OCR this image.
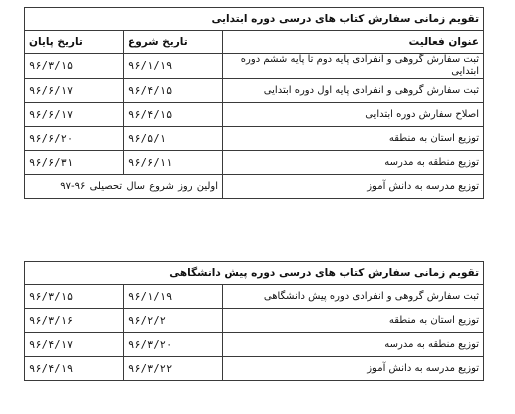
تقویم زمانی سفارش کتاب های درسی دوره ابتدایی		
عنوان فعالیت	تاریخ شروع	تاریخ پایان
ثبت سفارش گروهی و انفرادی پایه دوم تا پایه ششم دوره ابتدایی	۹۶/۱/۱۹	۹۶/۳/۱۵
ثبت سفارش گروهی و انفرادی پایه اول دوره ابتدایی	۹۶/۴/۱۵	۹۶/۶/۱۷
اصلاح سفارش دوره ابتدایی	۹۶/۴/۱۵	۹۶/۶/۱۷
توزیع استان به منطقه	۹۶/۵/۱	۹۶/۶/۲۰
توزیع منطقه به مدرسه	۹۶/۶/۱۱	۹۶/۶/۳۱
توزیع مدرسه به دانش آموز	اولین روز شروع سال تحصیلی ۹۶-۹۷	
تقویم زمانی سفارش کتاب های درسی دوره پیش دانشگاهی		
ثبت سفارش گروهی و انفرادی دوره پیش دانشگاهی	۹۶/۱/۱۹	۹۶/۳/۱۵
توزیع استان به منطقه	۹۶/۲/۲	۹۶/۳/۱۶
توزیع منطقه به مدرسه	۹۶/۳/۲۰	۹۶/۴/۱۷
توزیع مدرسه به دانش آموز	۹۶/۳/۲۲	۹۶/۴/۱۹
